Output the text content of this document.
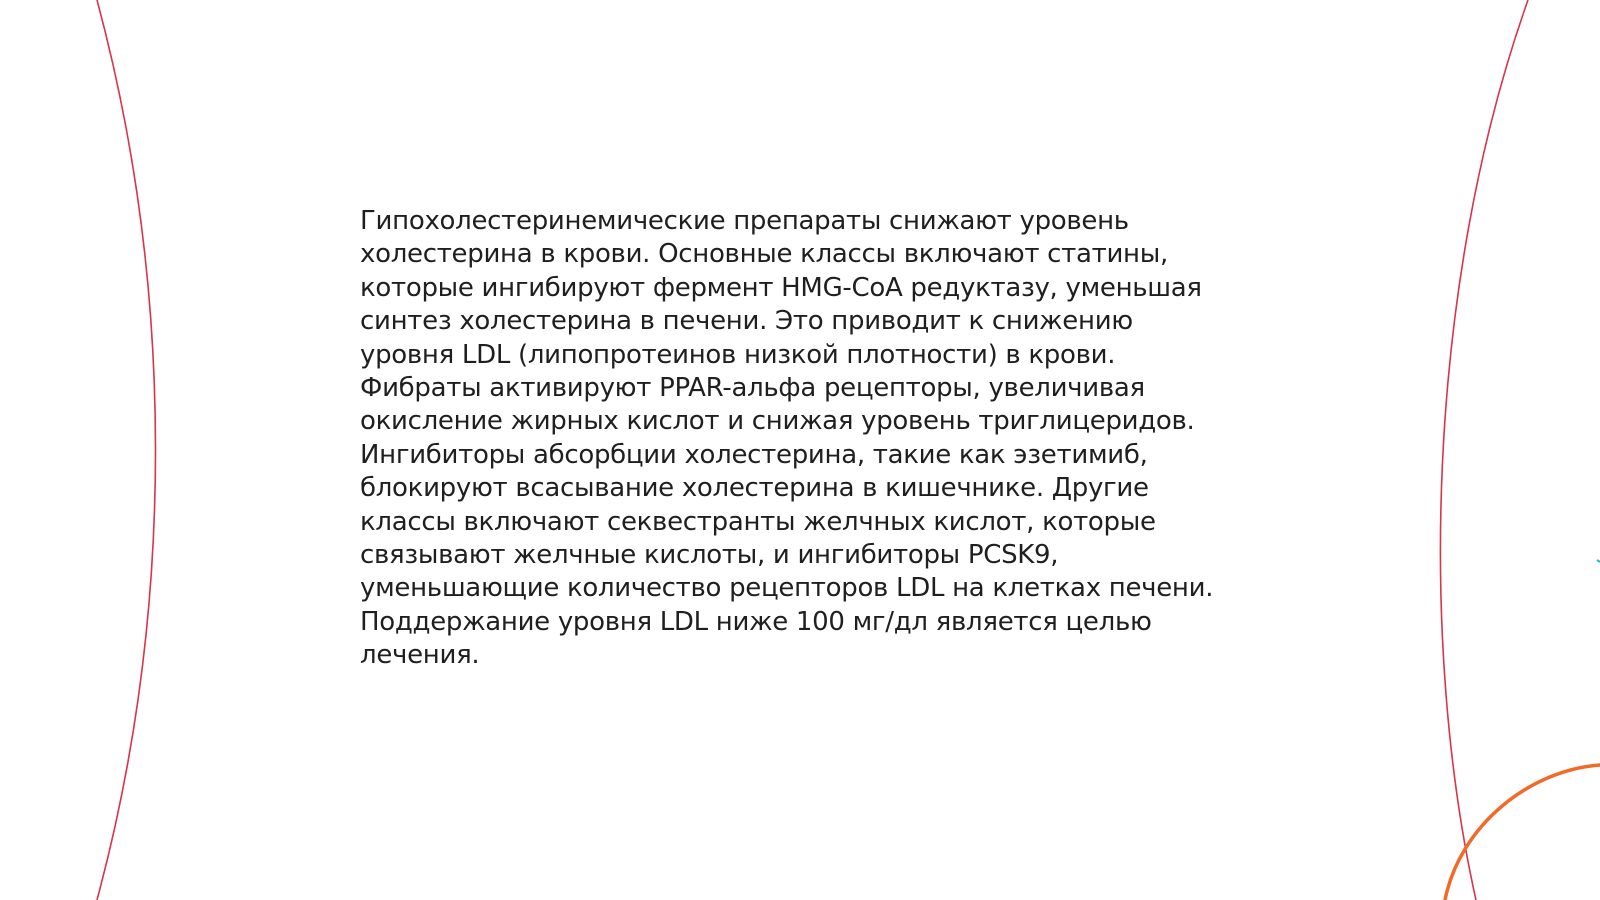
Гипохолестеринемические препараты снижают уровень
холестерина в крови. Основные классы включают статины,
которые ингибируют фермент HMG-CoA редуктазу, уменьшая
синтез холестерина в печени. Это приводит к снижению
уровня LDL (липопротеинов низкой плотности) в крови.
Фибраты активируют PPAR-альфа рецепторы, увеличивая
окисление жирных кислот и снижая уровень триглицеридов.
Ингибиторы абсорбции холестерина, такие как эзетимиб,
блокируют всасывание холестерина в кишечнике. Другие
классы включают секвестранты желчных кислот, которые
связывают желчные кислоты, и ингибиторы PCSK9,
уменьшающие количество рецепторов LDL на клетках печени.
Поддержание уровня LDL ниже 100 мг/дл является целью
лечения.
